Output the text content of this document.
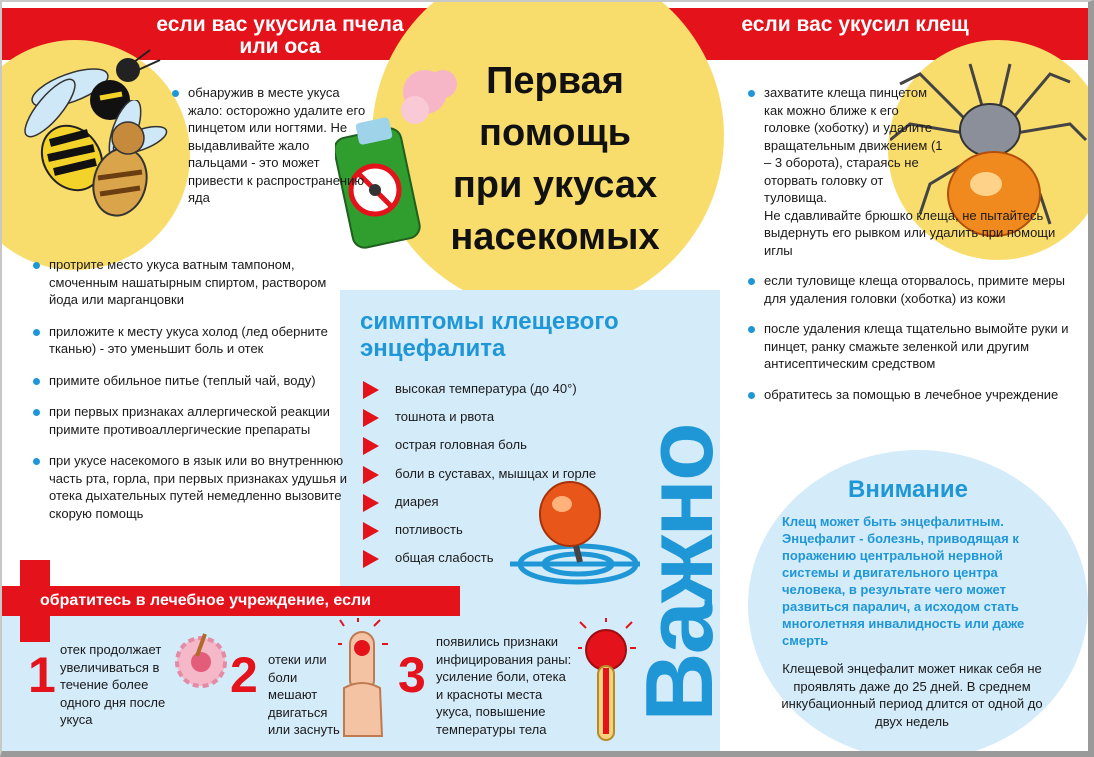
если вас укусила пчела или оса
если вас укусил клещ
Первая помощь при укусах насекомых
обнаружив в месте укуса жало: осторожно удалите его пинцетом или ногтями. Не выдавливайте жало пальцами - это может привести к распространению яда
протрите место укуса ватным тампоном, смоченным нашатырным спиртом, раствором йода или марганцовки
приложите к месту укуса холод (лед оберните тканью) - это уменьшит боль и отек
примите обильное питье (теплый чай, воду)
при первых признаках аллергической реакции примите противоаллергические препараты
при укусе насекомого в язык или во внутреннюю часть рта, горла, при первых признаках удушья и отека дыхательных путей немедленно вызовите скорую помощь
захватите клеща пинцетом как можно ближе к его головке (хоботку) и удалите вращательным движением (1 – 3 оборота), стараясь не оторвать головку от туловища.
Не сдавливайте брюшко клеща, не пытайтесь выдернуть его рывком или удалить при помощи иглы
если туловище клеща оторвалось, примите меры для удаления головки (хоботка) из кожи
после удаления клеща тщательно вымойте руки и пинцет, ранку смажьте зеленкой или другим антисептическим средством
обратитесь за помощью в лечебное учреждение
симптомы клещевого энцефалита
высокая температура (до 40°)
тошнота и рвота
острая головная боль
боли в суставах, мышцах и горле
диарея
потливость
общая слабость	Важно
обратитесь в лечебное учреждение, если
1 отек продолжает увеличиваться в течение более одного дня после укуса
2 отеки или боли мешают двигаться или заснуть
3
появились признаки инфицирования раны: усиление боли, отека и красноты места укуса, повышение температуры тела
Внимание
Клещ может быть энцефалитным. Энцефалит - болезнь, приводящая к поражению центральной нервной системы и двигательного центра человека, в результате чего может развиться паралич, а исходом стать многолетняя инвалидность или даже смерть
Клещевой энцефалит может никак себя не проявлять даже до 25 дней. В среднем инкубационный период длится от одной до двух недель
